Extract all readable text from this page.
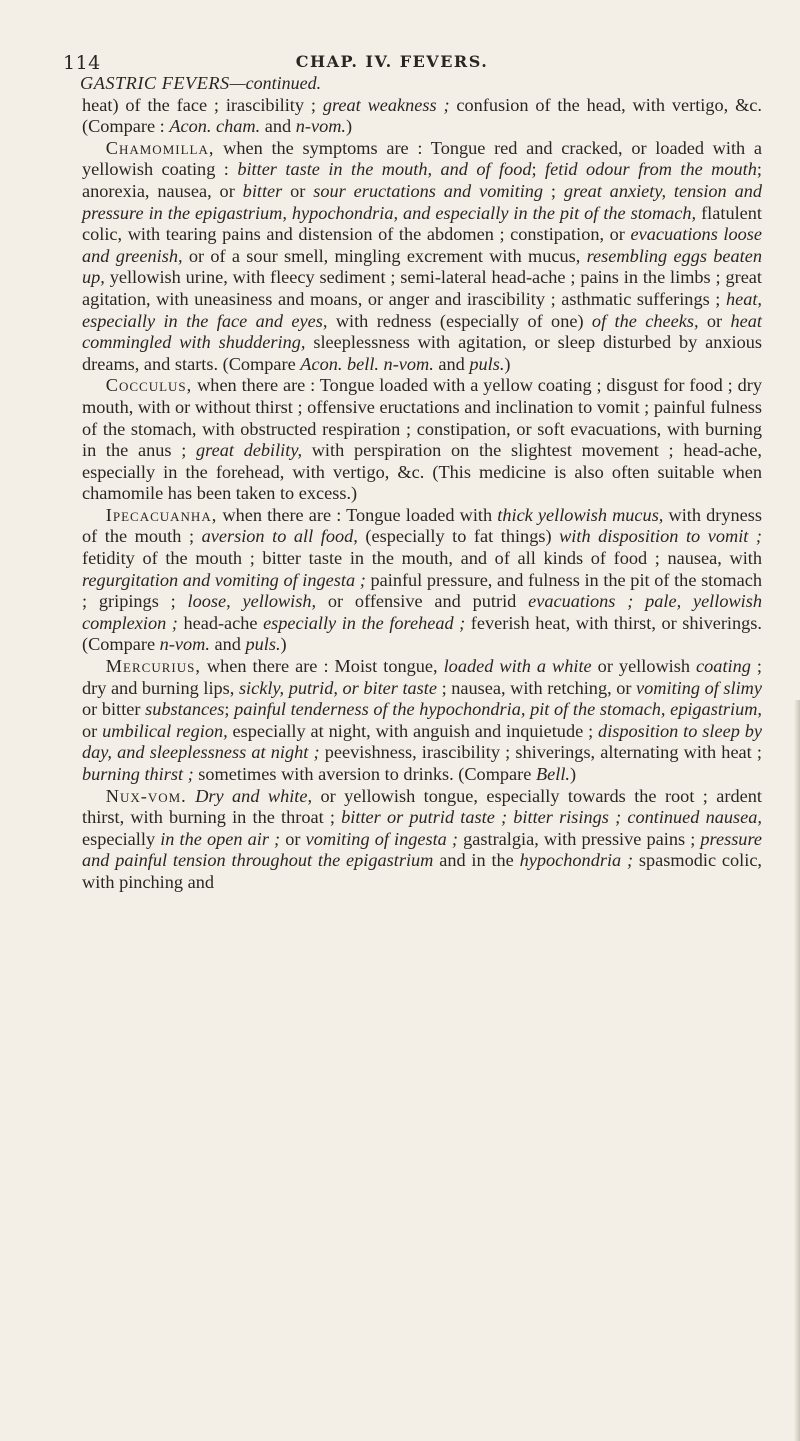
114	CHAP. IV. FEVERS.
GASTRIC FEVERS—continued.

heat) of the face ; irascibility ; great weakness ; confusion of the head, with vertigo, &c. (Compare : Acon. cham. and n-vom.)

Chamomilla, when the symptoms are : Tongue red and cracked, or loaded with a yellowish coating : bitter taste in the mouth, and of food; fetid odour from the mouth; anorexia, nausea, or bitter or sour eructations and vomiting ; great anxiety, tension and pressure in the epigastrium, hypochondria, and especially in the pit of the stomach, flatulent colic, with tearing pains and distension of the abdomen ; constipation, or evacuations loose and greenish, or of a sour smell, mingling excrement with mucus, resembling eggs beaten up, yellowish urine, with fleecy sediment ; semi-lateral head-ache ; pains in the limbs ; great agitation, with uneasiness and moans, or anger and irascibility ; asthmatic sufferings ; heat, especially in the face and eyes, with redness (especially of one) of the cheeks, or heat commingled with shuddering, sleeplessness with agitation, or sleep disturbed by anxious dreams, and starts. (Compare Acon. bell. n-vom. and puls.)

Cocculus, when there are : Tongue loaded with a yellow coating ; disgust for food ; dry mouth, with or without thirst ; offensive eructations and inclination to vomit ; painful fulness of the stomach, with obstructed respiration ; constipation, or soft evacuations, with burning in the anus ; great debility, with perspiration on the slightest movement ; head-ache, especially in the forehead, with vertigo, &c. (This medicine is also often suitable when chamomile has been taken to excess.)

Ipecacuanha, when there are : Tongue loaded with thick yellowish mucus, with dryness of the mouth ; aversion to all food, (especially to fat things) with disposition to vomit ; fetidity of the mouth ; bitter taste in the mouth, and of all kinds of food ; nausea, with regurgitation and vomiting of ingesta ; painful pressure, and fulness in the pit of the stomach ; gripings ; loose, yellowish, or offensive and putrid evacuations ; pale, yellowish complexion ; head-ache especially in the forehead ; feverish heat, with thirst, or shiverings. (Compare n-vom. and puls.)

Mercurius, when there are : Moist tongue, loaded with a white or yellowish coating ; dry and burning lips, sickly, putrid, or biter taste ; nausea, with retching, or vomiting of slimy or bitter substances; painful tenderness of the hypochondria, pit of the stomach, epigastrium, or umbilical region, especially at night, with anguish and inquietude ; disposition to sleep by day, and sleeplessness at night ; peevishness, irascibility ; shiverings, alternating with heat ; burning thirst ; sometimes with aversion to drinks. (Compare Bell.)

Nux-vom. Dry and white, or yellowish tongue, especially towards the root ; ardent thirst, with burning in the throat ; bitter or putrid taste ; bitter risings ; continued nausea, especially in the open air ; or vomiting of ingesta ; gastralgia, with pressive pains ; pressure and painful tension throughout the epigastrium and in the hypochondria ; spasmodic colic, with pinching and
